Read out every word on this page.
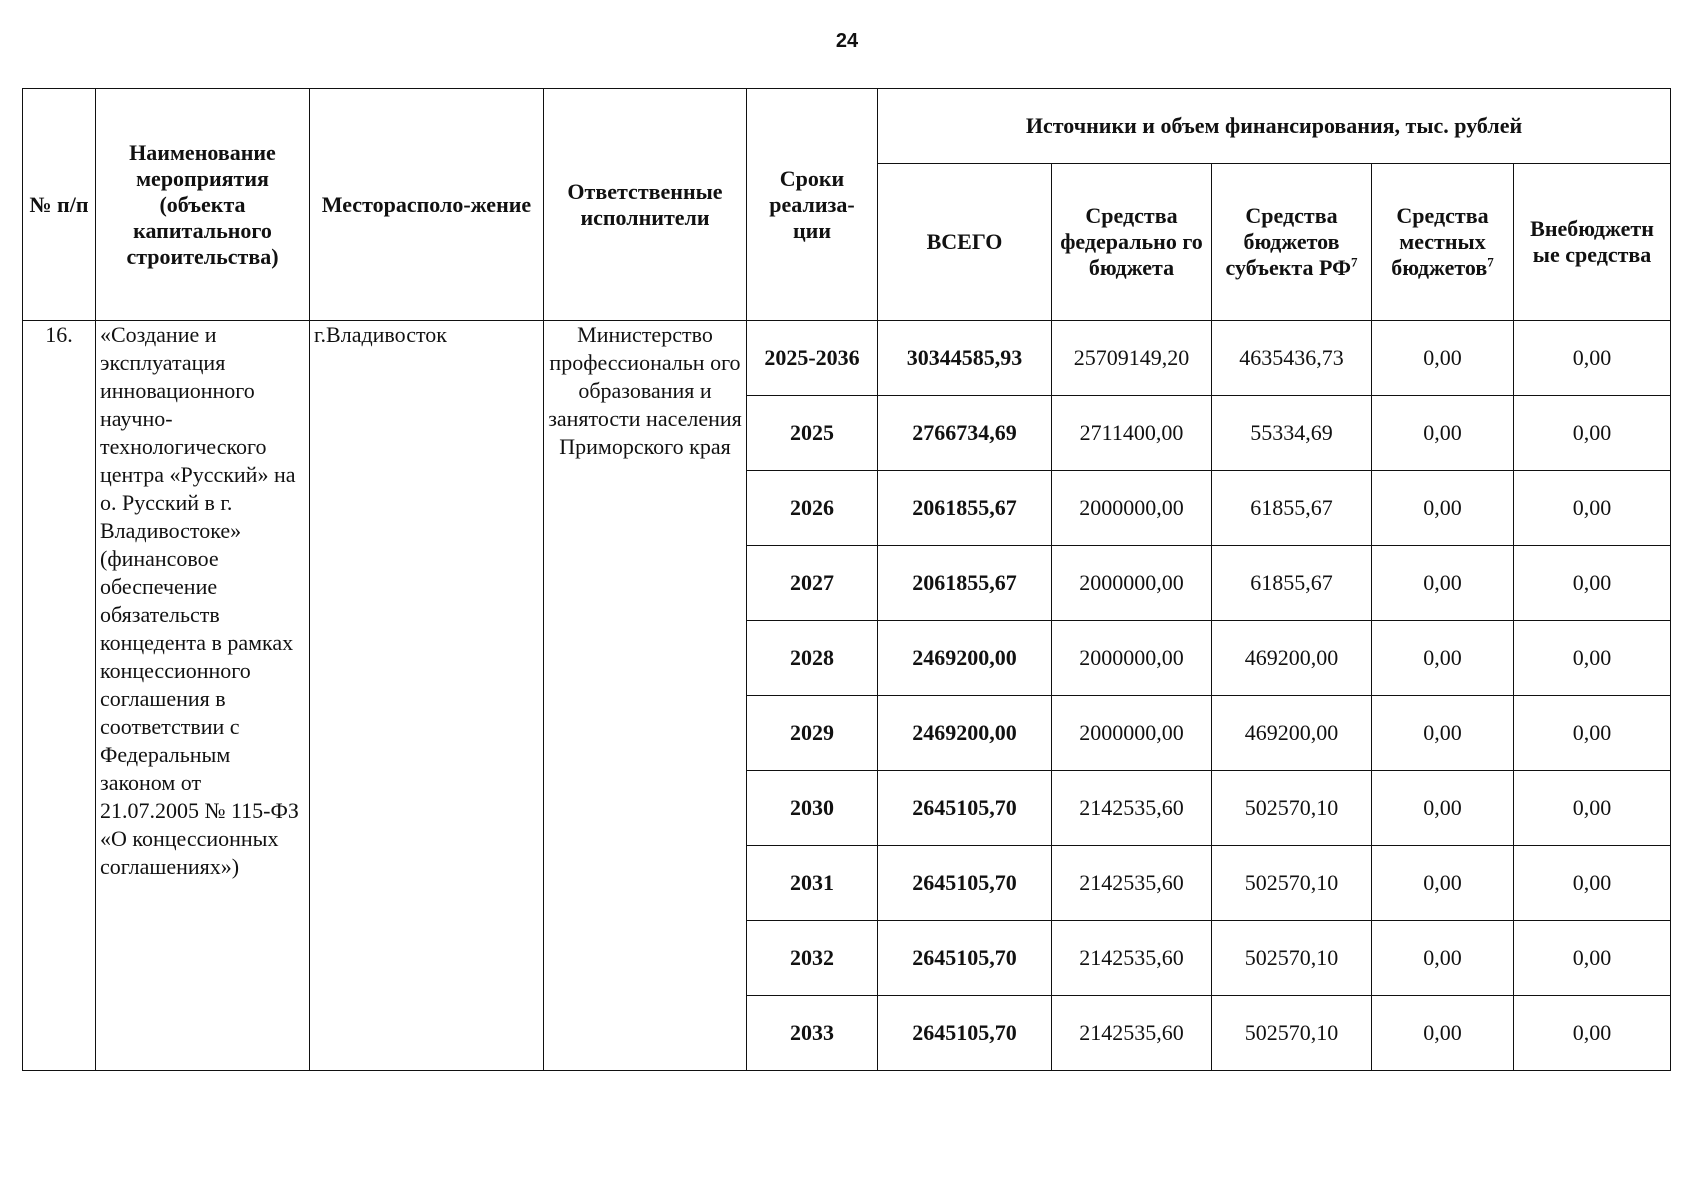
24
№ п/п	Наименование мероприятия (объекта капитального строительства)	Месторасполо-жение	Ответственные исполнители	Сроки реализа-ции	Источники и объем финансирования, тыс. рублей				
					ВСЕГО	Средства федерально го бюджета	Средства бюджетов субъекта $РФ^7$	Средства местных бюджетов$^7$	Внебюджетн ые средства
16.	«Создание и эксплуатация инновационного научно-технологического центра «Русский» на о. Русский в г. Владивостоке» (финансовое обеспечение обязательств концедента в рамках концессионного соглашения в соответствии с Федеральным законом от 21.07.2005 № 115-ФЗ «О концессионных соглашениях»)	г.Владивосток	Министерство профессиональн ого образования и занятости населения Приморского края	2025-2036	30344585,93	25709149,20	4635436,73	0,00	0,00
				2025	2766734,69	2711400,00	55334,69	0,00	0,00
				2026	2061855,67	2000000,00	61855,67	0,00	0,00
				2027	2061855,67	2000000,00	61855,67	0,00	0,00
				2028	2469200,00	2000000,00	469200,00	0,00	0,00
				2029	2469200,00	2000000,00	469200,00	0,00	0,00
				2030	2645105,70	2142535,60	502570,10	0,00	0,00
				2031	2645105,70	2142535,60	502570,10	0,00	0,00
				2032	2645105,70	2142535,60	502570,10	0,00	0,00
				2033	2645105,70	2142535,60	502570,10	0,00	0,00
